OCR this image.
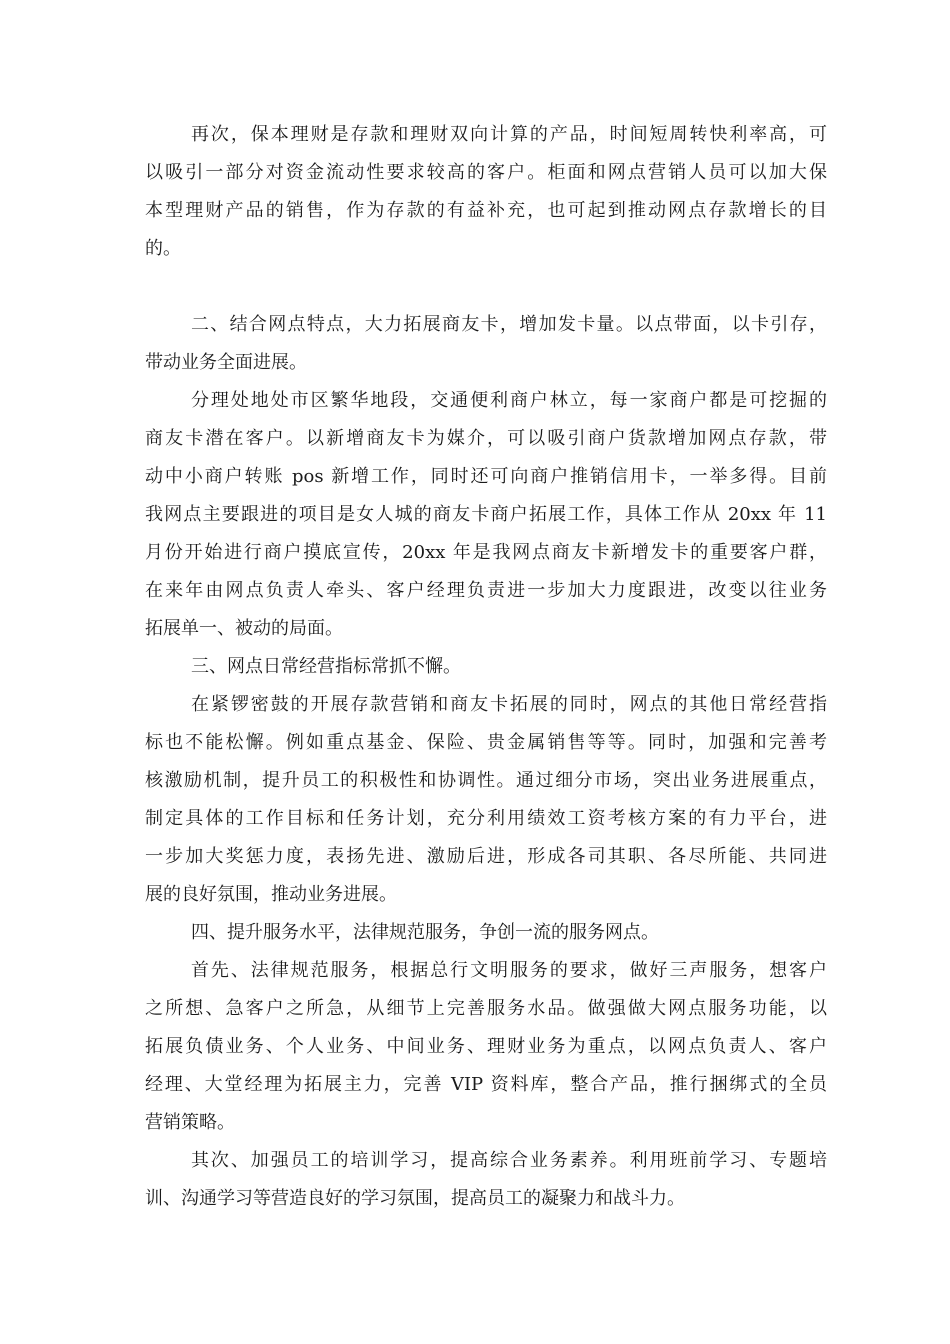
再次，保本理财是存款和理财双向计算的产品，时间短周转快利率高，可
以吸引一部分对资金流动性要求较高的客户。柜面和网点营销人员可以加大保
本型理财产品的销售，作为存款的有益补充，也可起到推动网点存款增长的目
的。

二、结合网点特点，大力拓展商友卡，增加发卡量。以点带面，以卡引存，
带动业务全面进展。

分理处地处市区繁华地段，交通便利商户林立，每一家商户都是可挖掘的
商友卡潜在客户。以新增商友卡为媒介，可以吸引商户货款增加网点存款，带
动中小商户转账 pos 新增工作，同时还可向商户推销信用卡，一举多得。目前
我网点主要跟进的项目是女人城的商友卡商户拓展工作，具体工作从 20xx 年 11
月份开始进行商户摸底宣传，20xx 年是我网点商友卡新增发卡的重要客户群，
在来年由网点负责人牵头、客户经理负责进一步加大力度跟进，改变以往业务
拓展单一、被动的局面。

三、网点日常经营指标常抓不懈。

在紧锣密鼓的开展存款营销和商友卡拓展的同时，网点的其他日常经营指
标也不能松懈。例如重点基金、保险、贵金属销售等等。同时，加强和完善考
核激励机制，提升员工的积极性和协调性。通过细分市场，突出业务进展重点，
制定具体的工作目标和任务计划，充分利用绩效工资考核方案的有力平台，进
一步加大奖惩力度，表扬先进、激励后进，形成各司其职、各尽所能、共同进
展的良好氛围，推动业务进展。

四、提升服务水平，法律规范服务，争创一流的服务网点。

首先、法律规范服务，根据总行文明服务的要求，做好三声服务，想客户
之所想、急客户之所急，从细节上完善服务水品。做强做大网点服务功能，以
拓展负债业务、个人业务、中间业务、理财业务为重点，以网点负责人、客户
经理、大堂经理为拓展主力，完善 VIP 资料库，整合产品，推行捆绑式的全员
营销策略。

其次、加强员工的培训学习，提高综合业务素养。利用班前学习、专题培
训、沟通学习等营造良好的学习氛围，提高员工的凝聚力和战斗力。
